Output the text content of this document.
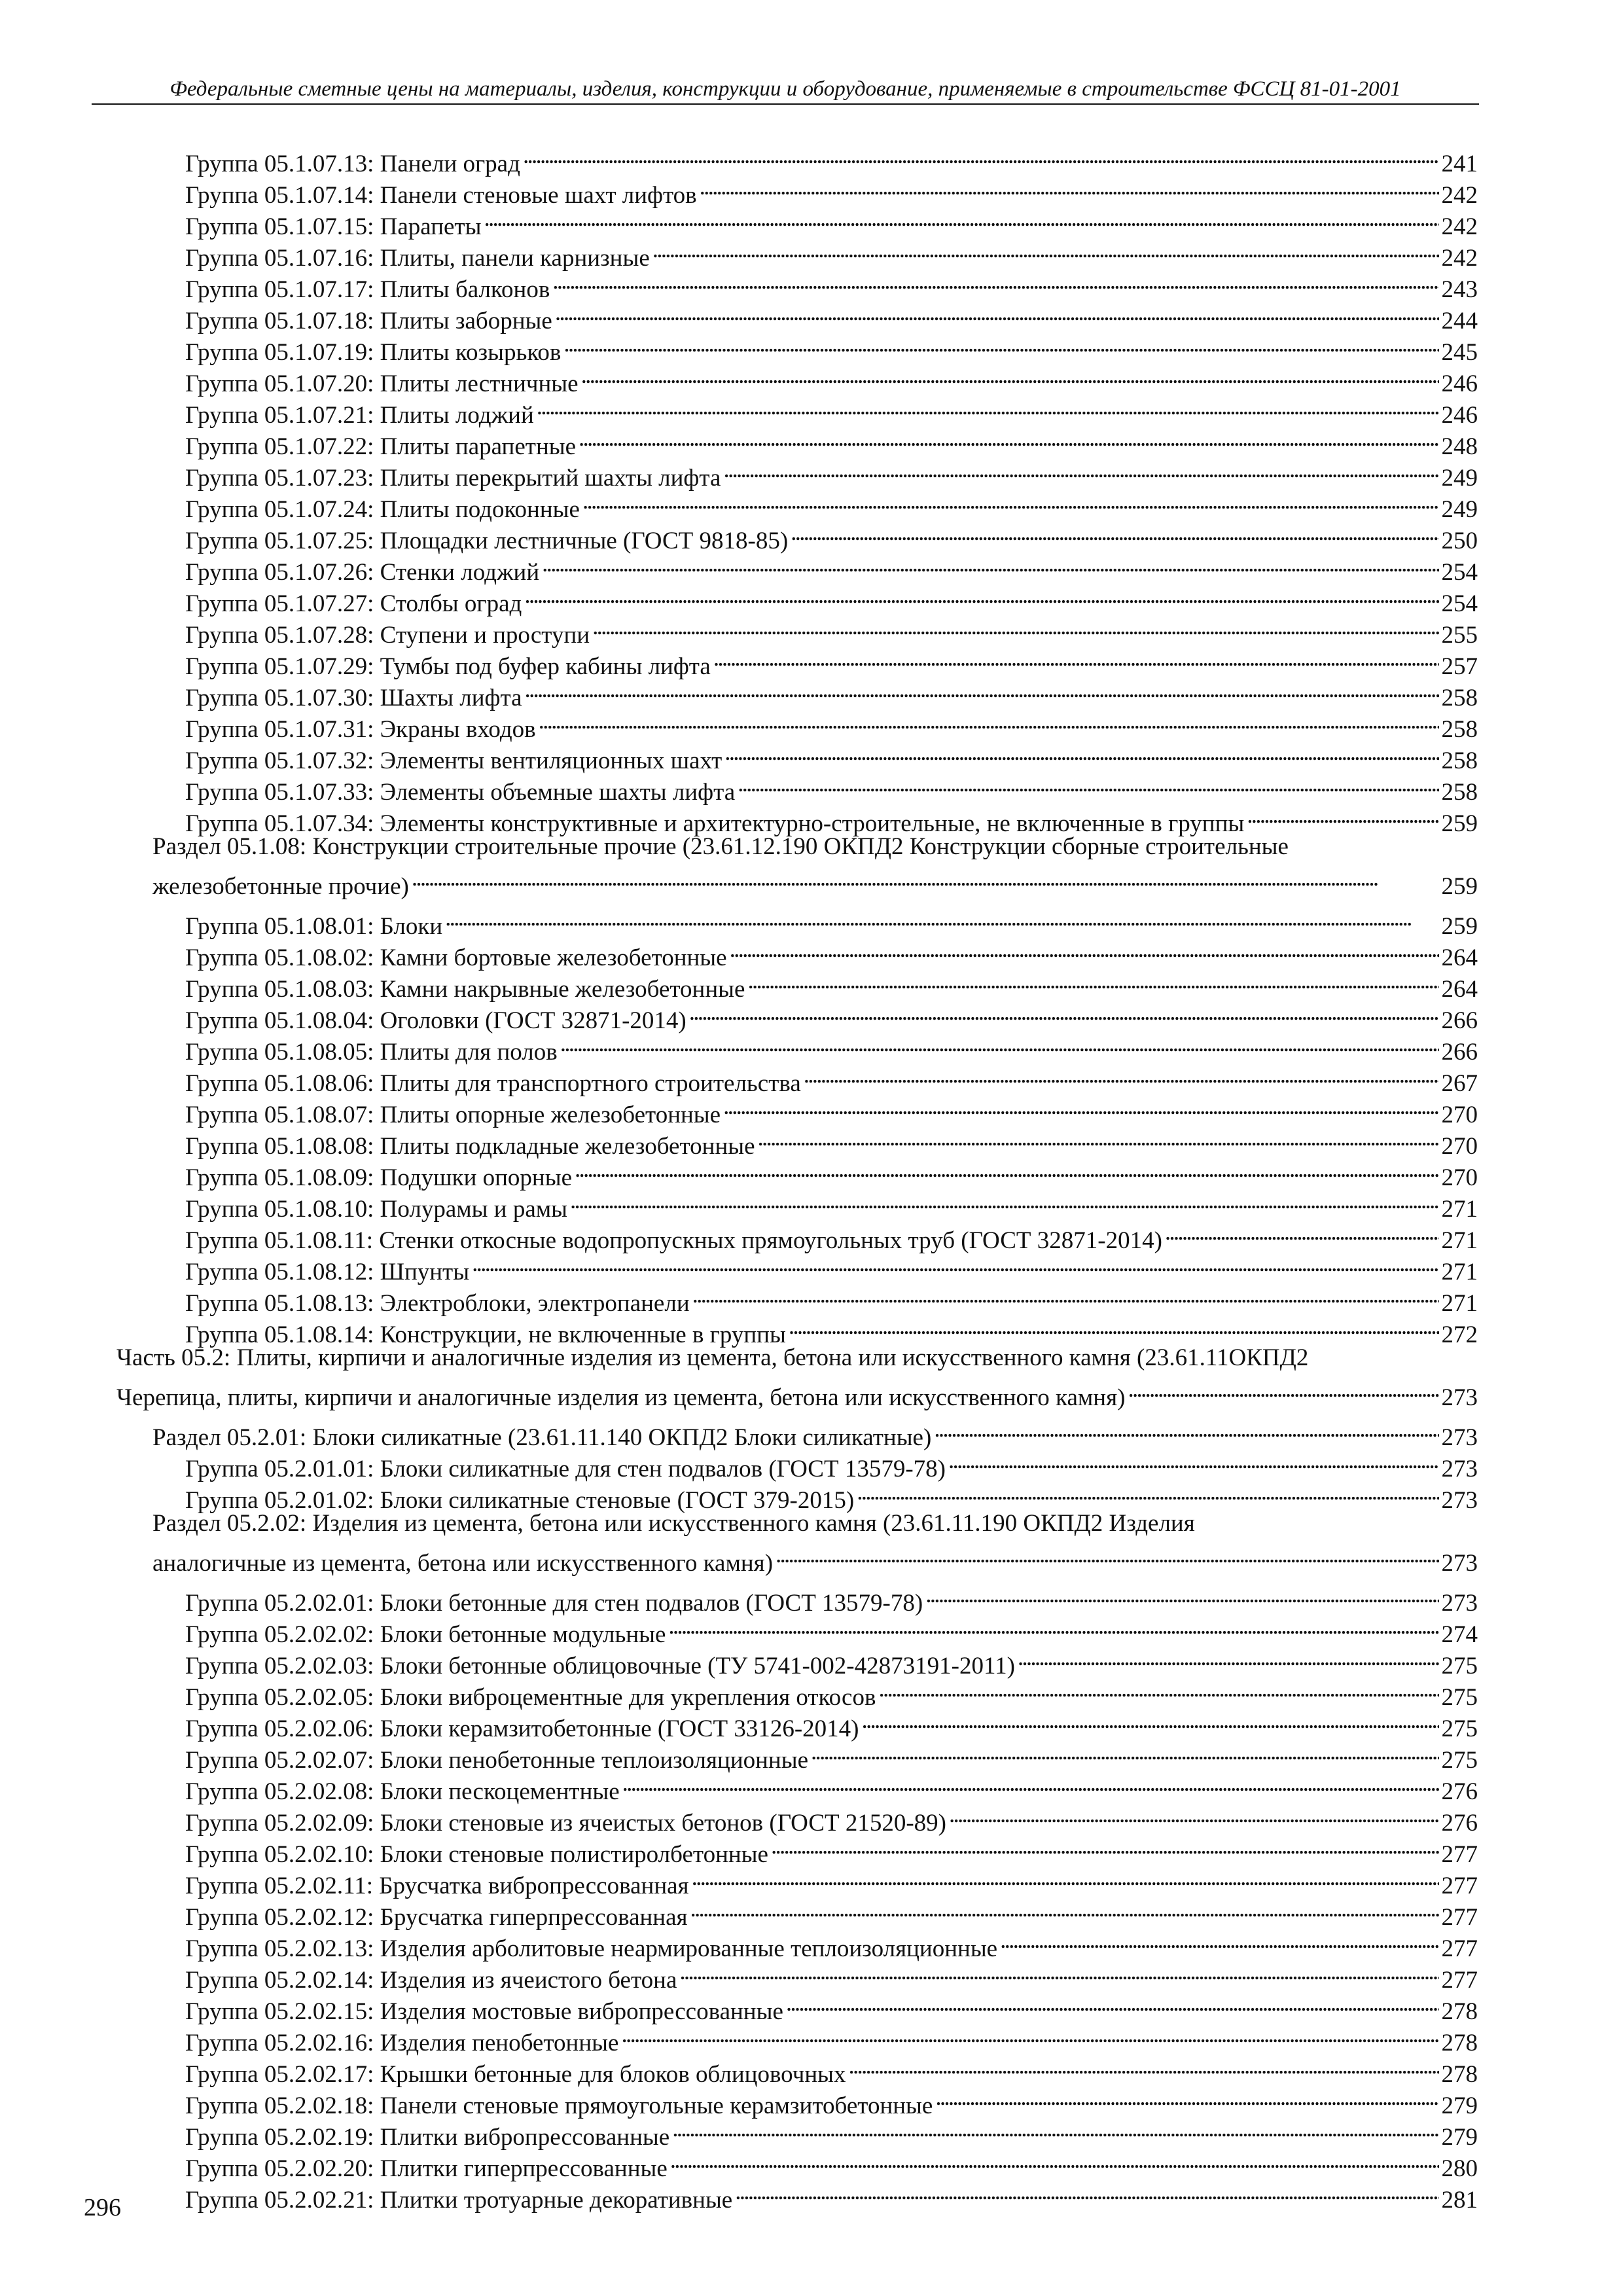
Федеральные сметные цены на материалы, изделия, конструкции и оборудование, применяемые в строительстве ФССЦ 81-01-2001
Группа 05.1.07.13: Панели оград . . .	241
Группа 05.1.07.14: Панели стеновые шахт лифтов . . .	242
Группа 05.1.07.15: Парапеты . . .	242
Группа 05.1.07.16: Плиты, панели карнизные . . .	242
Группа 05.1.07.17: Плиты балконов . . .	243
Группа 05.1.07.18: Плиты заборные . . .	244
Группа 05.1.07.19: Плиты козырьков . . .	245
Группа 05.1.07.20: Плиты лестничные . . .	246
Группа 05.1.07.21: Плиты лоджий . . .	246
Группа 05.1.07.22: Плиты парапетные . . .	248
Группа 05.1.07.23: Плиты перекрытий шахты лифта . . .	249
Группа 05.1.07.24: Плиты подоконные . . .	249
Группа 05.1.07.25: Площадки лестничные (ГОСТ 9818-85) . . .	250
Группа 05.1.07.26: Стенки лоджий . . .	254
Группа 05.1.07.27: Столбы оград . . .	254
Группа 05.1.07.28: Ступени и проступи . . .	255
Группа 05.1.07.29: Тумбы под буфер кабины лифта . . .	257
Группа 05.1.07.30: Шахты лифта . . .	258
Группа 05.1.07.31: Экраны входов . . .	258
Группа 05.1.07.32: Элементы вентиляционных шахт . . .	258
Группа 05.1.07.33: Элементы объемные шахты лифта . . .	258
Группа 05.1.07.34: Элементы конструктивные и архитектурно-строительные, не включенные в группы . . .	259
Раздел 05.1.08: Конструкции строительные прочие (23.61.12.190 ОКПД2 Конструкции сборные строительные
железобетонные прочие) . . .	259
Группа 05.1.08.01: Блоки . . .	259
Группа 05.1.08.02: Камни бортовые железобетонные . . .	264
Группа 05.1.08.03: Камни накрывные железобетонные . . .	264
Группа 05.1.08.04: Оголовки (ГОСТ 32871-2014) . . .	266
Группа 05.1.08.05: Плиты для полов . . .	266
Группа 05.1.08.06: Плиты для транспортного строительства . . .	267
Группа 05.1.08.07: Плиты опорные железобетонные . . .	270
Группа 05.1.08.08: Плиты подкладные железобетонные . . .	270
Группа 05.1.08.09: Подушки опорные . . .	270
Группа 05.1.08.10: Полурамы и рамы . . .	271
Группа 05.1.08.11: Стенки откосные водопропускных прямоугольных труб (ГОСТ 32871-2014) . . .	271
Группа 05.1.08.12: Шпунты . . .	271
Группа 05.1.08.13: Электроблоки, электропанели . . .	271
Группа 05.1.08.14: Конструкции, не включенные в группы . . .	272
Часть 05.2: Плиты, кирпичи и аналогичные изделия из цемента, бетона или искусственного камня (23.61.11ОКПД2
Черепица, плиты, кирпичи и аналогичные изделия из цемента, бетона или искусственного камня) . . .	273
Раздел 05.2.01: Блоки силикатные (23.61.11.140 ОКПД2 Блоки силикатные) . . .	273
Группа 05.2.01.01: Блоки силикатные для стен подвалов (ГОСТ 13579-78) . . .	273
Группа 05.2.01.02: Блоки силикатные стеновые (ГОСТ 379-2015) . . .	273
Раздел 05.2.02: Изделия из цемента, бетона или искусственного камня (23.61.11.190 ОКПД2 Изделия
аналогичные из цемента, бетона или искусственного камня) . . .	273
Группа 05.2.02.01: Блоки бетонные для стен подвалов (ГОСТ 13579-78) . . .	273
Группа 05.2.02.02: Блоки бетонные модульные . . .	274
Группа 05.2.02.03: Блоки бетонные облицовочные (ТУ 5741-002-42873191-2011) . . .	275
Группа 05.2.02.05: Блоки виброцементные для укрепления откосов . . .	275
Группа 05.2.02.06: Блоки керамзитобетонные (ГОСТ 33126-2014) . . .	275
Группа 05.2.02.07: Блоки пенобетонные теплоизоляционные . . .	275
Группа 05.2.02.08: Блоки пескоцементные . . .	276
Группа 05.2.02.09: Блоки стеновые из ячеистых бетонов (ГОСТ 21520-89) . . .	276
Группа 05.2.02.10: Блоки стеновые полистиролбетонные . . .	277
Группа 05.2.02.11: Брусчатка вибропрессованная . . .	277
Группа 05.2.02.12: Брусчатка гиперпрессованная . . .	277
Группа 05.2.02.13: Изделия арболитовые неармированные теплоизоляционные . . .	277
Группа 05.2.02.14: Изделия из ячеистого бетона . . .	277
Группа 05.2.02.15: Изделия мостовые вибропрессованные . . .	278
Группа 05.2.02.16: Изделия пенобетонные . . .	278
Группа 05.2.02.17: Крышки бетонные для блоков облицовочных . . .	278
Группа 05.2.02.18: Панели стеновые прямоугольные керамзитобетонные . . .	279
Группа 05.2.02.19: Плитки вибропрессованные . . .	279
Группа 05.2.02.20: Плитки гиперпрессованные . . .	280
Группа 05.2.02.21: Плитки тротуарные декоративные . . .	281
296
